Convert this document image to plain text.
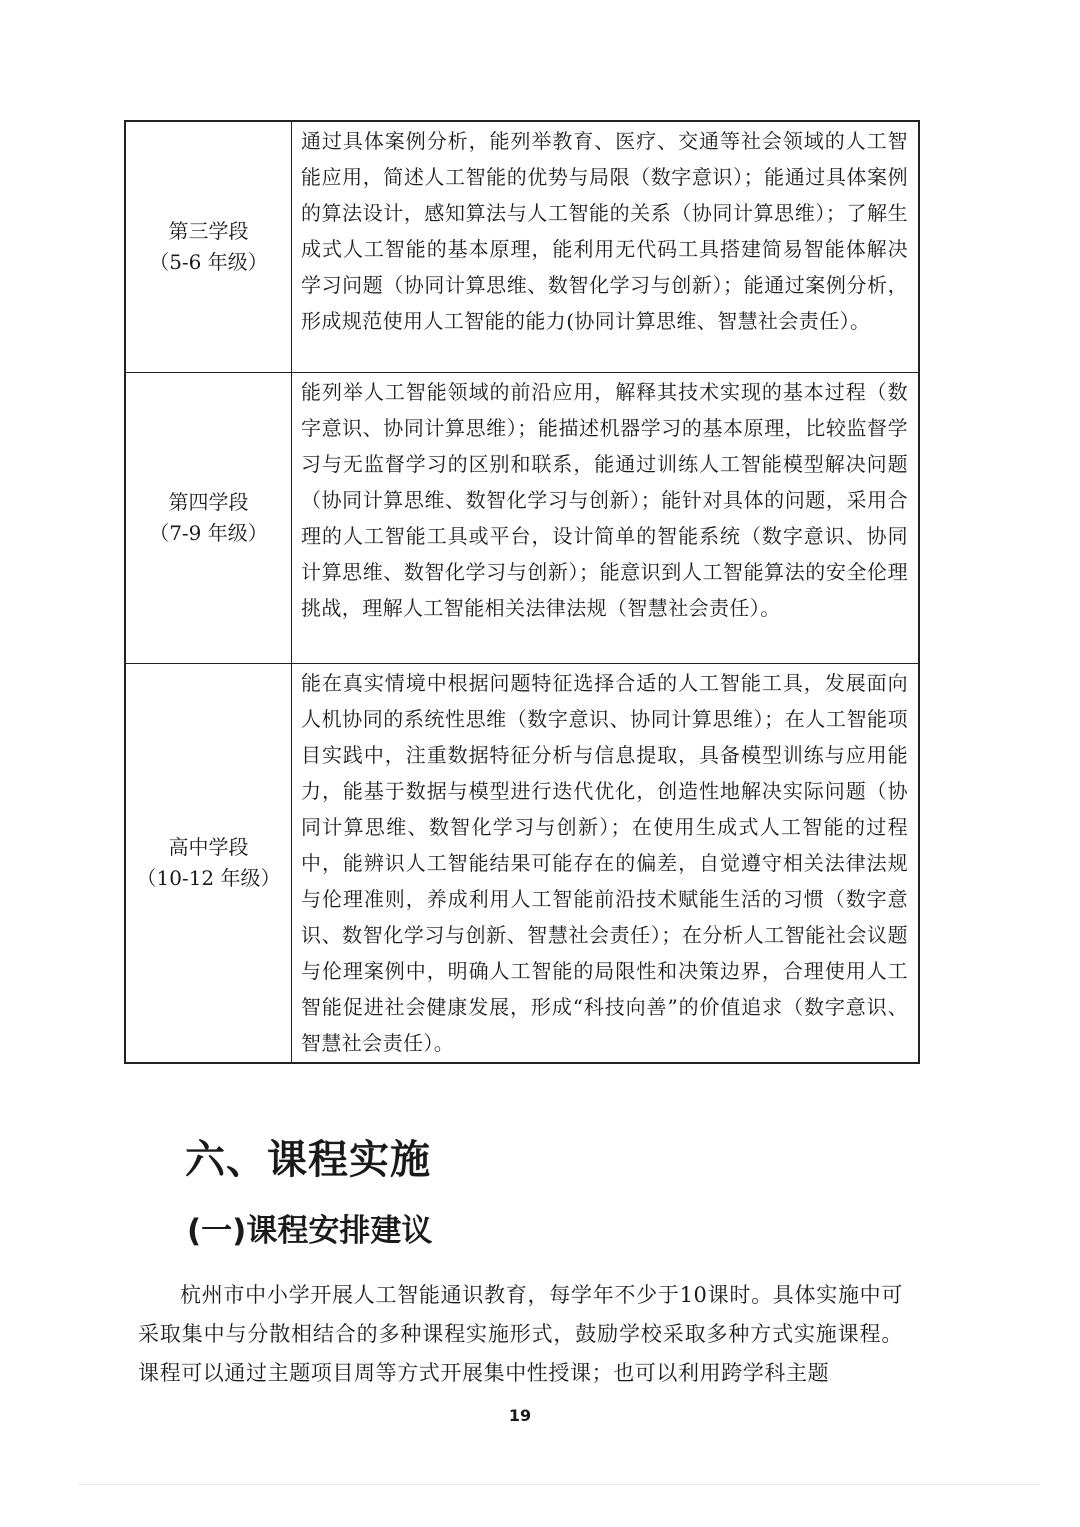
第三学段
（5-6 年级）	通过具体案例分析，能列举教育、医疗、交通等社会领域的人工智能应用，简述人工智能的优势与局限（数字意识）；能通过具体案例的算法设计，感知算法与人工智能的关系（协同计算思维）；了解生成式人工智能的基本原理，能利用无代码工具搭建简易智能体解决学习问题（协同计算思维、数智化学习与创新）；能通过案例分析，形成规范使用人工智能的能力(协同计算思维、智慧社会责任）。

第四学段
（7-9 年级）	能列举人工智能领域的前沿应用，解释其技术实现的基本过程（数字意识、协同计算思维）；能描述机器学习的基本原理，比较监督学习与无监督学习的区别和联系，能通过训练人工智能模型解决问题（协同计算思维、数智化学习与创新）；能针对具体的问题，采用合理的人工智能工具或平台，设计简单的智能系统（数字意识、协同计算思维、数智化学习与创新）；能意识到人工智能算法的安全伦理挑战，理解人工智能相关法律法规（智慧社会责任）。

高中学段
（10-12 年级）	能在真实情境中根据问题特征选择合适的人工智能工具，发展面向人机协同的系统性思维（数字意识、协同计算思维）；在人工智能项目实践中，注重数据特征分析与信息提取，具备模型训练与应用能力，能基于数据与模型进行迭代优化，创造性地解决实际问题（协同计算思维、数智化学习与创新）；在使用生成式人工智能的过程中，能辨识人工智能结果可能存在的偏差，自觉遵守相关法律法规与伦理准则，养成利用人工智能前沿技术赋能生活的习惯（数字意识、数智化学习与创新、智慧社会责任）；在分析人工智能社会议题与伦理案例中，明确人工智能的局限性和决策边界，合理使用人工智能促进社会健康发展，形成“科技向善”的价值追求（数字意识、智慧社会责任）。
六、课程实施
(一)课程安排建议

杭州市中小学开展人工智能通识教育，每学年不少于10课时。具体实施中可采取集中与分散相结合的多种课程实施形式，鼓励学校采取多种方式实施课程。课程可以通过主题项目周等方式开展集中性授课；也可以利用跨学科主题

19
